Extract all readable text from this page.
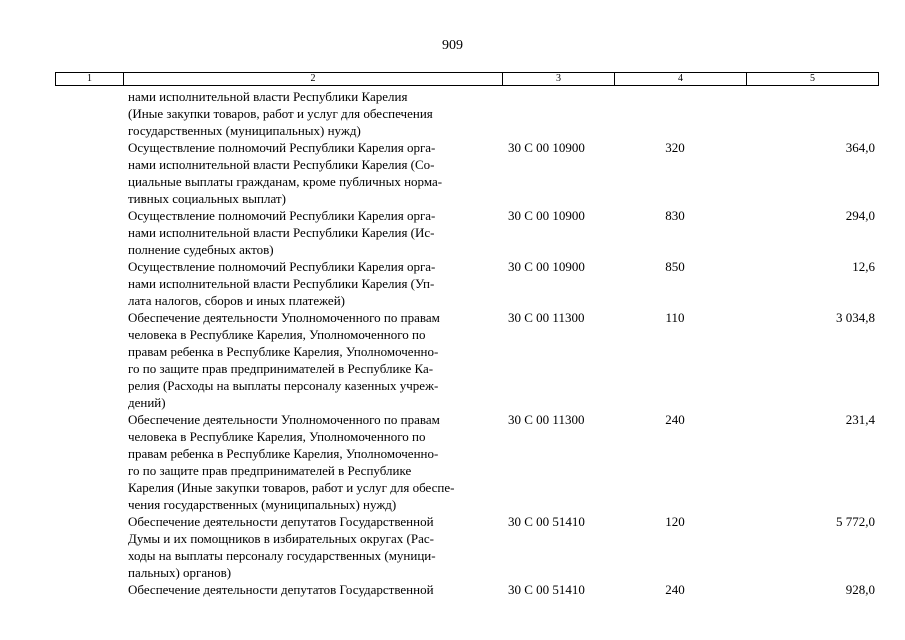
909
1	2	3	4	5
нами исполнительной власти Республики Карелия
(Иные закупки товаров, работ и услуг для обеспечения
государственных (муниципальных) нужд)
Осуществление полномочий Республики Карелия орга-
нами исполнительной власти Республики Карелия (Со-
циальные выплаты гражданам, кроме публичных норма-
тивных социальных выплат)
30 С 00 10900	320	364,0
Осуществление полномочий Республики Карелия орга-
нами исполнительной власти Республики Карелия (Ис-
полнение судебных актов)
30 С 00 10900	830	294,0
Осуществление полномочий Республики Карелия орга-
нами исполнительной власти Республики Карелия (Уп-
лата налогов, сборов и иных платежей)
30 С 00 10900	850	12,6
Обеспечение деятельности Уполномоченного по правам
человека в Республике Карелия, Уполномоченного по
правам ребенка в Республике Карелия, Уполномоченно-
го по защите прав предпринимателей в Республике Ка-
релия (Расходы на выплаты персоналу казенных учреж-
дений)
30 С 00 11300	110	3 034,8
Обеспечение деятельности Уполномоченного по правам
человека в Республике Карелия, Уполномоченного по
правам ребенка в Республике Карелия, Уполномоченно-
го по защите прав предпринимателей в Республике
Карелия (Иные закупки товаров, работ и услуг для обеспе-
чения государственных (муниципальных) нужд)
30 С 00 11300	240	231,4
Обеспечение деятельности депутатов Государственной
Думы и их помощников в избирательных округах (Рас-
ходы на выплаты персоналу государственных (муници-
пальных) органов)
30 С 00 51410	120	5 772,0
Обеспечение деятельности депутатов Государственной	30 С 00 51410	240	928,0
